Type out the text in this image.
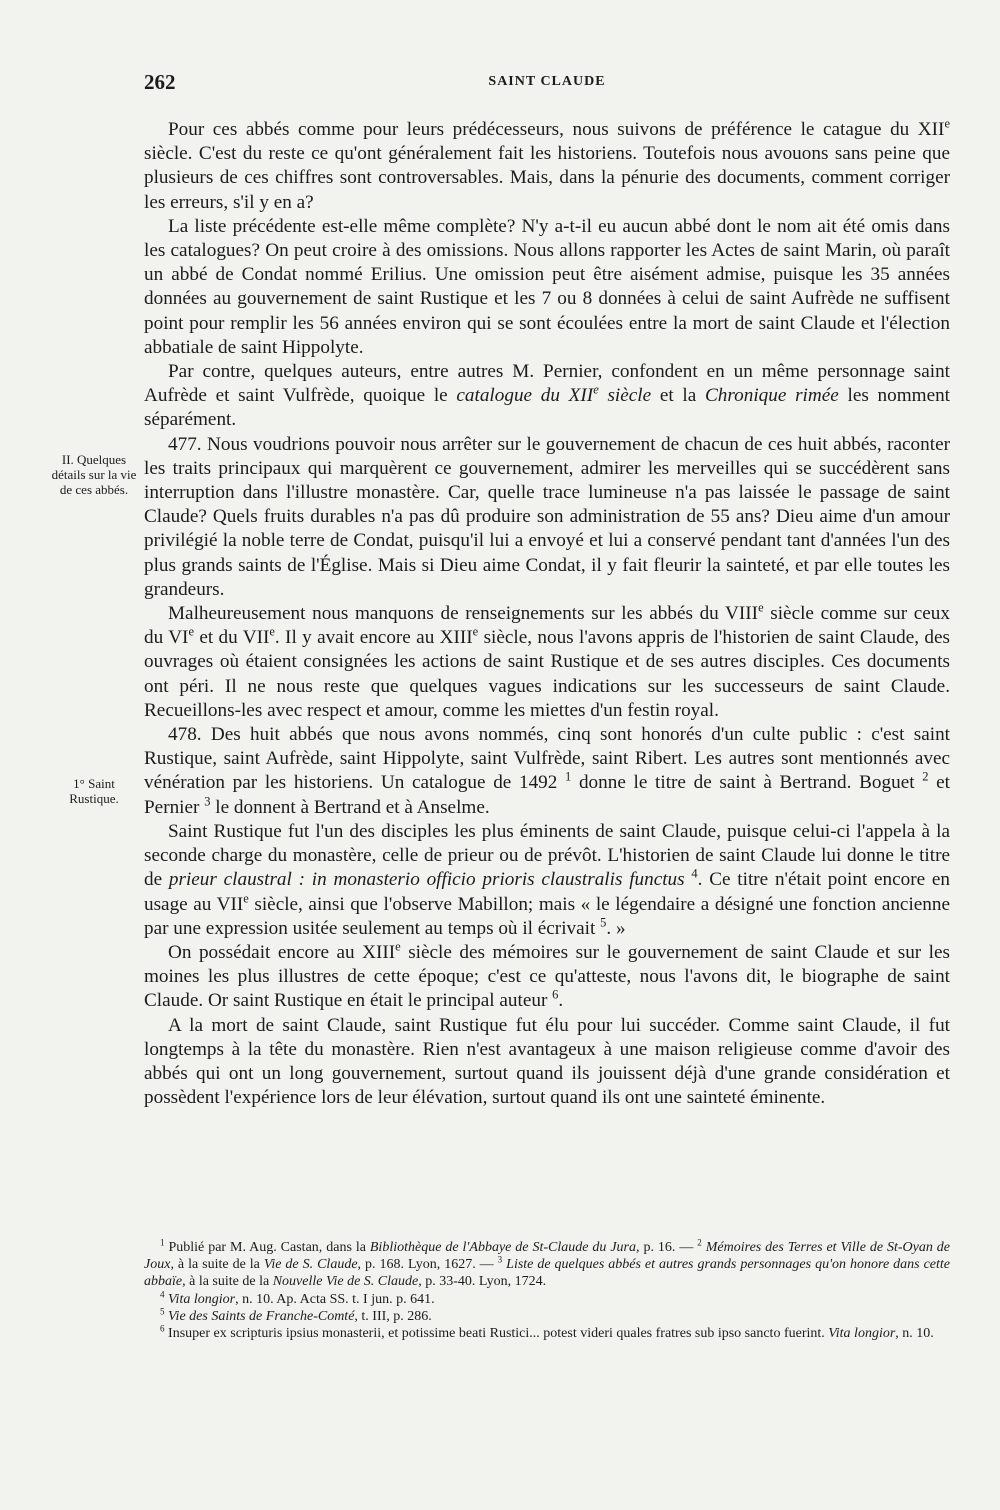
262	SAINT CLAUDE
II. Quelques détails sur la vie de ces abbés.
1° Saint Rustique.

Pour ces abbés comme pour leurs prédécesseurs, nous suivons de préférence le catague du XIIe siècle. C'est du reste ce qu'ont généralement fait les historiens. Toutefois nous avouons sans peine que plusieurs de ces chiffres sont controversables. Mais, dans la pénurie des documents, comment corriger les erreurs, s'il y en a?

La liste précédente est-elle même complète? N'y a-t-il eu aucun abbé dont le nom ait été omis dans les catalogues? On peut croire à des omissions. Nous allons rapporter les Actes de saint Marin, où paraît un abbé de Condat nommé Erilius. Une omission peut être aisément admise, puisque les 35 années données au gouvernement de saint Rustique et les 7 ou 8 données à celui de saint Aufrède ne suffisent point pour remplir les 56 années environ qui se sont écoulées entre la mort de saint Claude et l'élection abbatiale de saint Hippolyte.

Par contre, quelques auteurs, entre autres M. Pernier, confondent en un même personnage saint Aufrède et saint Vulfrède, quoique le catalogue du XIIe siècle et la Chronique rimée les nomment séparément.

477. Nous voudrions pouvoir nous arrêter sur le gouvernement de chacun de ces huit abbés, raconter les traits principaux qui marquèrent ce gouvernement, admirer les merveilles qui se succédèrent sans interruption dans l'illustre monastère. Car, quelle trace lumineuse n'a pas laissée le passage de saint Claude? Quels fruits durables n'a pas dû produire son administration de 55 ans? Dieu aime d'un amour privilégié la noble terre de Condat, puisqu'il lui a envoyé et lui a conservé pendant tant d'années l'un des plus grands saints de l'Église. Mais si Dieu aime Condat, il y fait fleurir la sainteté, et par elle toutes les grandeurs.

Malheureusement nous manquons de renseignements sur les abbés du VIIIe siècle comme sur ceux du VIe et du VIIe. Il y avait encore au XIIIe siècle, nous l'avons appris de l'historien de saint Claude, des ouvrages où étaient consignées les actions de saint Rustique et de ses autres disciples. Ces documents ont péri. Il ne nous reste que quelques vagues indications sur les successeurs de saint Claude. Recueillons-les avec respect et amour, comme les miettes d'un festin royal.

478. Des huit abbés que nous avons nommés, cinq sont honorés d'un culte public : c'est saint Rustique, saint Aufrède, saint Hippolyte, saint Vulfrède, saint Ribert. Les autres sont mentionnés avec vénération par les historiens. Un catalogue de 1492 $^1$ donne le titre de saint à Bertrand. Boguet $^2$ et Pernier $^3$ le donnent à Bertrand et à Anselme.

Saint Rustique fut l'un des disciples les plus éminents de saint Claude, puisque celui-ci l'appela à la seconde charge du monastère, celle de prieur ou de prévôt. L'historien de saint Claude lui donne le titre de prieur claustral : in monasterio officio prioris claustralis functus $^4$. Ce titre n'était point encore en usage au VIIe siècle, ainsi que l'observe Mabillon; mais « le légendaire a désigné une fonction ancienne par une expression usitée seulement au temps où il écrivait $^5$. »

On possédait encore au XIIIe siècle des mémoires sur le gouvernement de saint Claude et sur les moines les plus illustres de cette époque; c'est ce qu'atteste, nous l'avons dit, le biographe de saint Claude. Or saint Rustique en était le principal auteur $^6$.

A la mort de saint Claude, saint Rustique fut élu pour lui succéder. Comme saint Claude, il fut longtemps à la tête du monastère. Rien n'est avantageux à une maison religieuse comme d'avoir des abbés qui ont un long gouvernement, surtout quand ils jouissent déjà d'une grande considération et possèdent l'expérience lors de leur élévation, surtout quand ils ont une sainteté éminente.

$^1$ Publié par M. Aug. Castan, dans la Bibliothèque de l'Abbaye de St-Claude du Jura, p. 16. — $^2$ Mémoires des Terres et Ville de St-Oyan de Joux, à la suite de la Vie de S. Claude, p. 168. Lyon, 1627. — $^3$ Liste de quelques abbés et autres grands personnages qu'on honore dans cette abbaïe, à la suite de la Nouvelle Vie de S. Claude, p. 33-40. Lyon, 1724.

$^4$ Vita longior, n. 10. Ap. Acta SS. t. I jun. p. 641.

$^5$ Vie des Saints de Franche-Comté, t. III, p. 286.

$^6$ Insuper ex scripturis ipsius monasterii, et potissime beati Rustici... potest videri quales fratres sub ipso sancto fuerint. Vita longior, n. 10.
